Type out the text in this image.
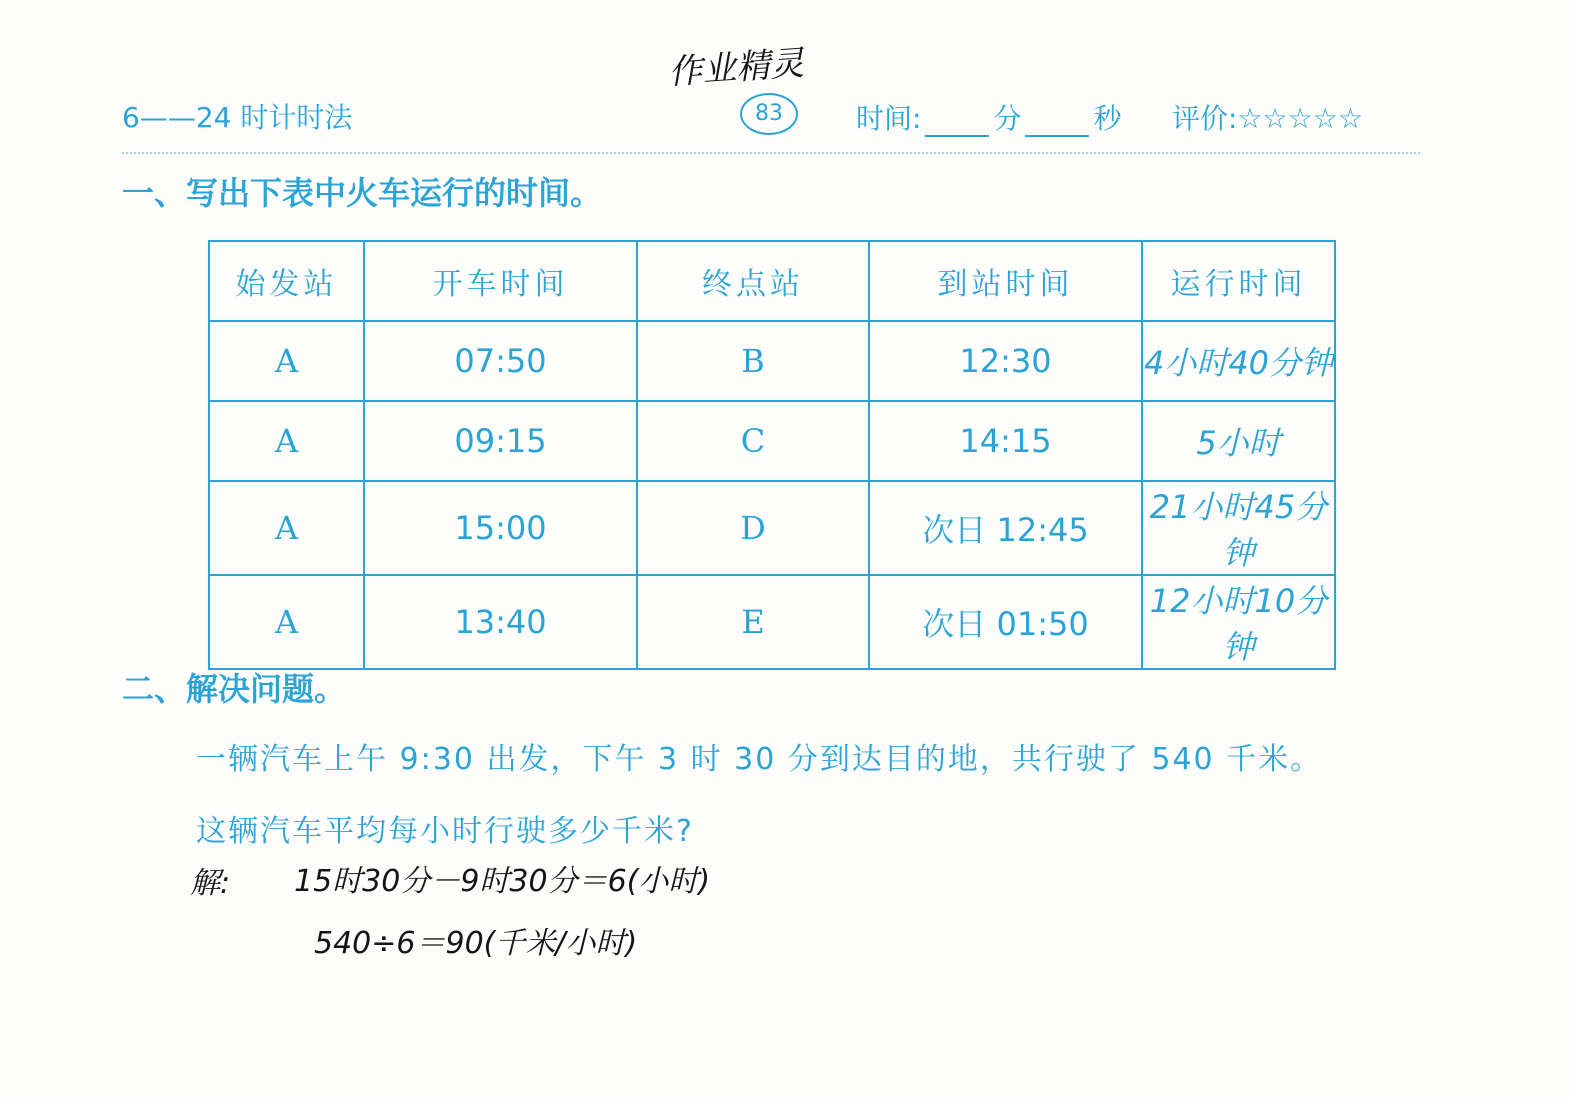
6——24 时计时法
作业精灵
83	时间:	分	秒 评价:☆☆☆☆☆
一、写出下表中火车运行的时间。
始发站	开车时间	终点站	到站时间	运行时间
A	07:50	B	12:30	4小时40分钟
A	09:15	C	14:15	5小时
A	15:00	D	次日 12:45	21小时45分钟
A	13:40	E	次日 01:50	12小时10分钟
二、解决问题。
一辆汽车上午 9:30 出发，下午 3 时 30 分到达目的地，共行驶了 540 千米。
这辆汽车平均每小时行驶多少千米?
解: 15时30分－9时30分＝6(小时)
540÷6＝90(千米/小时)
